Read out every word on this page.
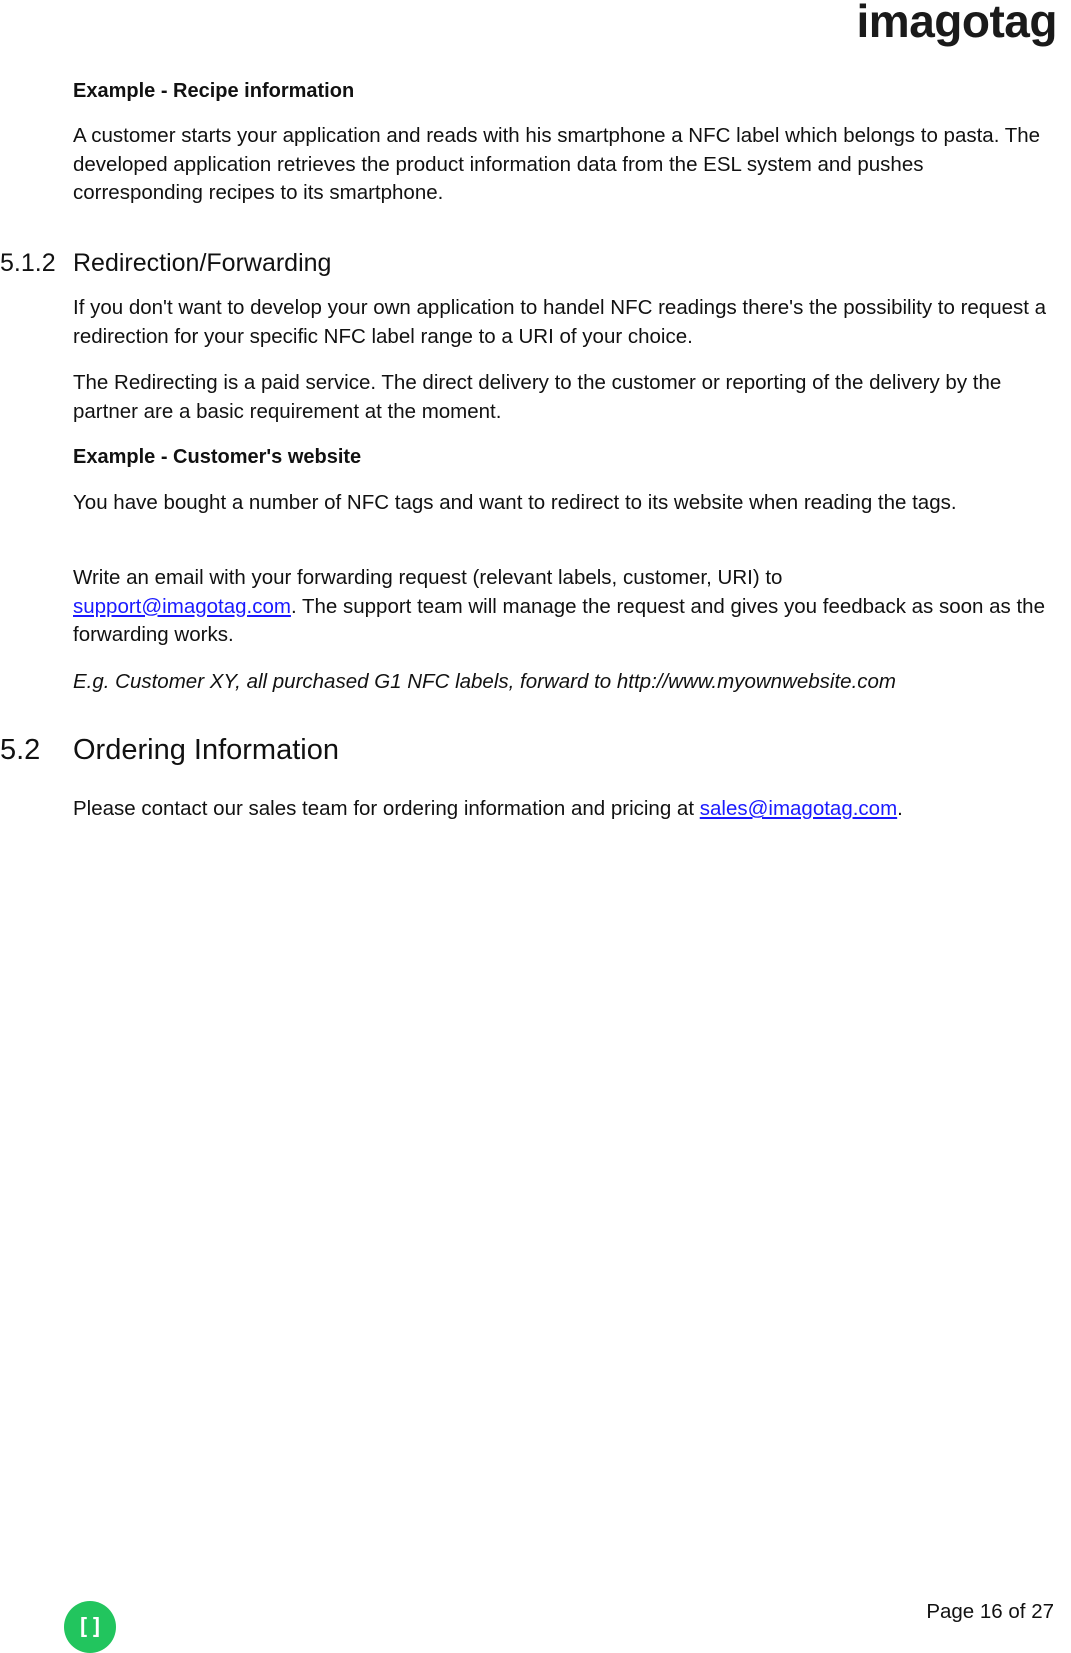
imagotag

Example - Recipe information

A customer starts your application and reads with his smartphone a NFC label which belongs to pasta. The developed application retrieves the product information data from the ESL system and pushes corresponding recipes to its smartphone.

5.1.2 Redirection/Forwarding

If you don't want to develop your own application to handel NFC readings there's the possibility to request a redirection for your specific NFC label range to a URI of your choice.

The Redirecting is a paid service. The direct delivery to the customer or reporting of the delivery by the partner are a basic requirement at the moment.

Example - Customer's website

You have bought a number of NFC tags and want to redirect to its website when reading the tags.

Write an email with your forwarding request (relevant labels, customer, URI) to
support@imagotag.com. The support team will manage the request and gives you feedback as soon as the forwarding works.

E.g. Customer XY, all purchased G1 NFC labels, forward to http://www.myownwebsite.com

5.2 Ordering Information

Please contact our sales team for ordering information and pricing at sales@imagotag.com.

[]
Page 16 of 27
